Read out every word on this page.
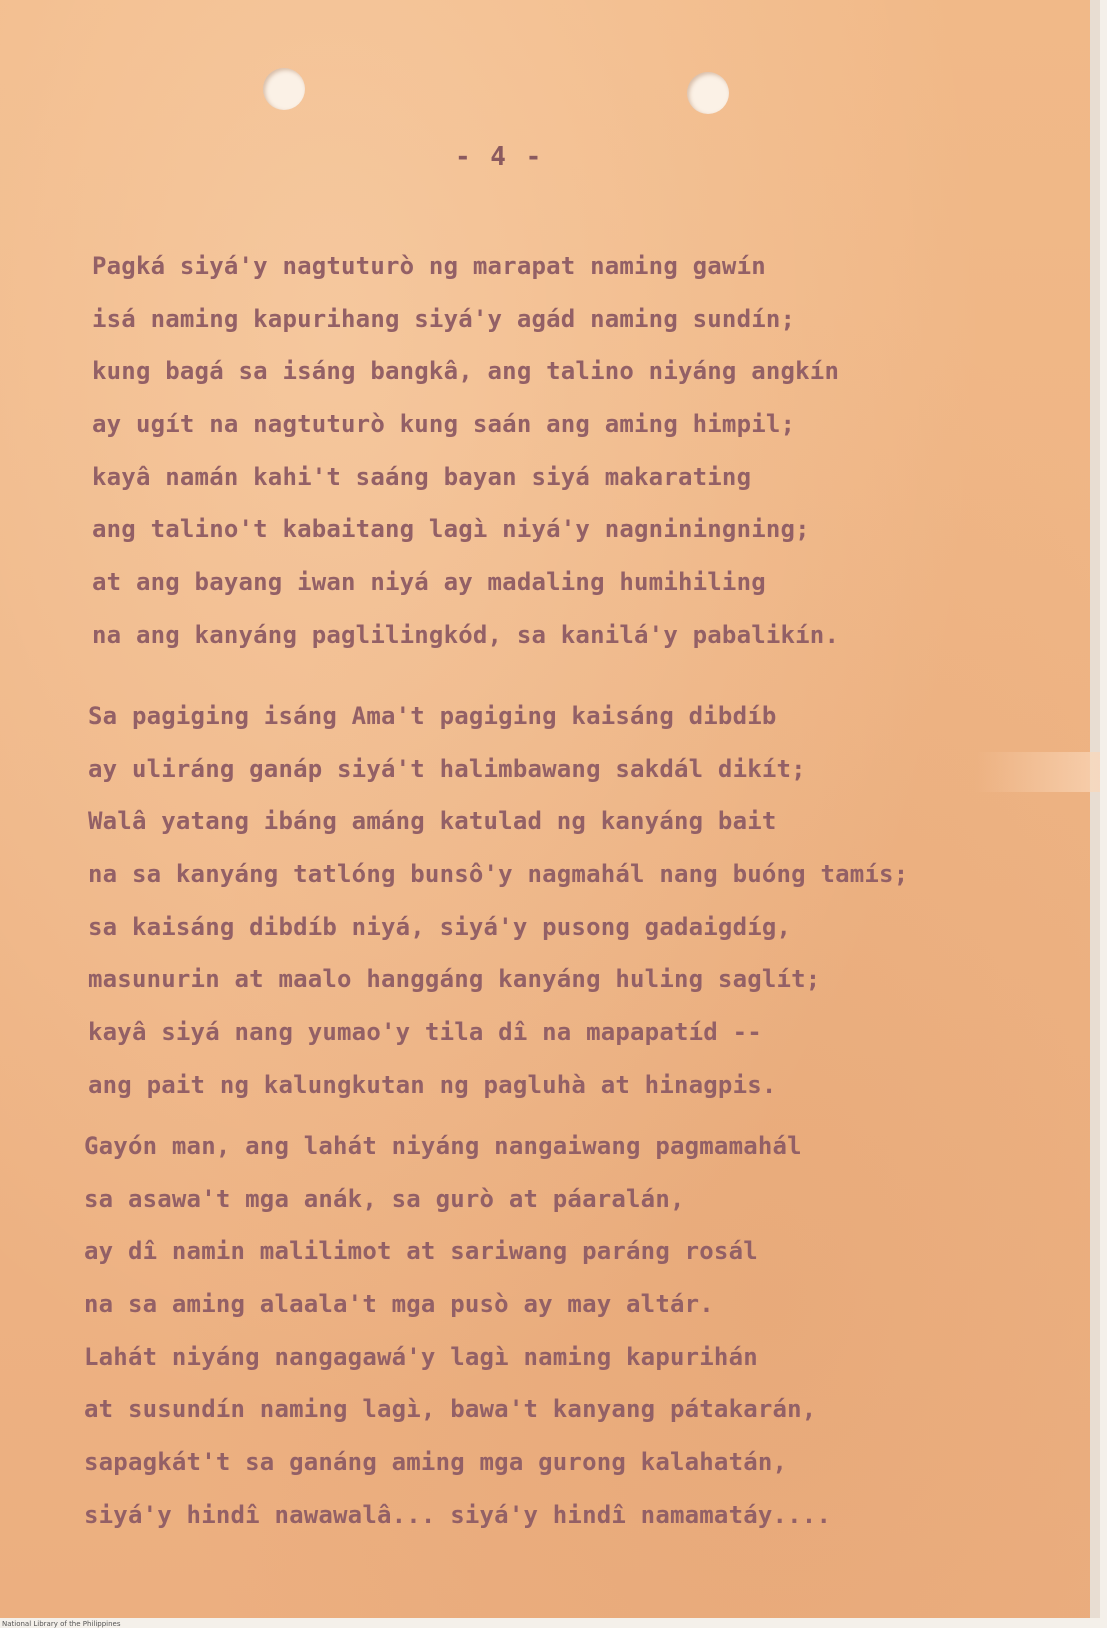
- 4 -
Pagká siyá'y nagtuturò ng marapat naming gawín
isá naming kapurihang siyá'y agád naming sundín;
kung bagá sa isáng bangkâ, ang talino niyáng angkín
ay ugít na nagtuturò kung saán ang aming himpil;
kayâ namán kahi't saáng bayan siyá makarating
ang talino't kabaitang lagì niyá'y nagniningning;
at ang bayang iwan niyá ay madaling humihiling
na ang kanyáng paglilingkód, sa kanilá'y pabalikín.
Sa pagiging isáng Ama't pagiging kaisáng dibdíb
ay uliráng ganáp siyá't halimbawang sakdál dikít;
Walâ yatang ibáng amáng katulad ng kanyáng bait
na sa kanyáng tatlóng bunsô'y nagmahál nang buóng tamís;
sa kaisáng dibdíb niyá, siyá'y pusong gadaigdíg,
masunurin at maalo hanggáng kanyáng huling saglít;
kayâ siyá nang yumao'y tila dî na mapapatíd --
ang pait ng kalungkutan ng pagluhà at hinagpis.
Gayón man, ang lahát niyáng nangaiwang pagmamahál
sa asawa't mga anák, sa gurò at páaralán,
ay dî namin malilimot at sariwang paráng rosál
na sa aming alaala't mga pusò ay may altár.
Lahát niyáng nangagawá'y lagì naming kapurihán
at susundín naming lagì, bawa't kanyang pátakarán,
sapagkát't sa ganáng aming mga gurong kalahatán,
siyá'y hindî nawawalâ... siyá'y hindî namamatáy....
National Library of the Philippines
